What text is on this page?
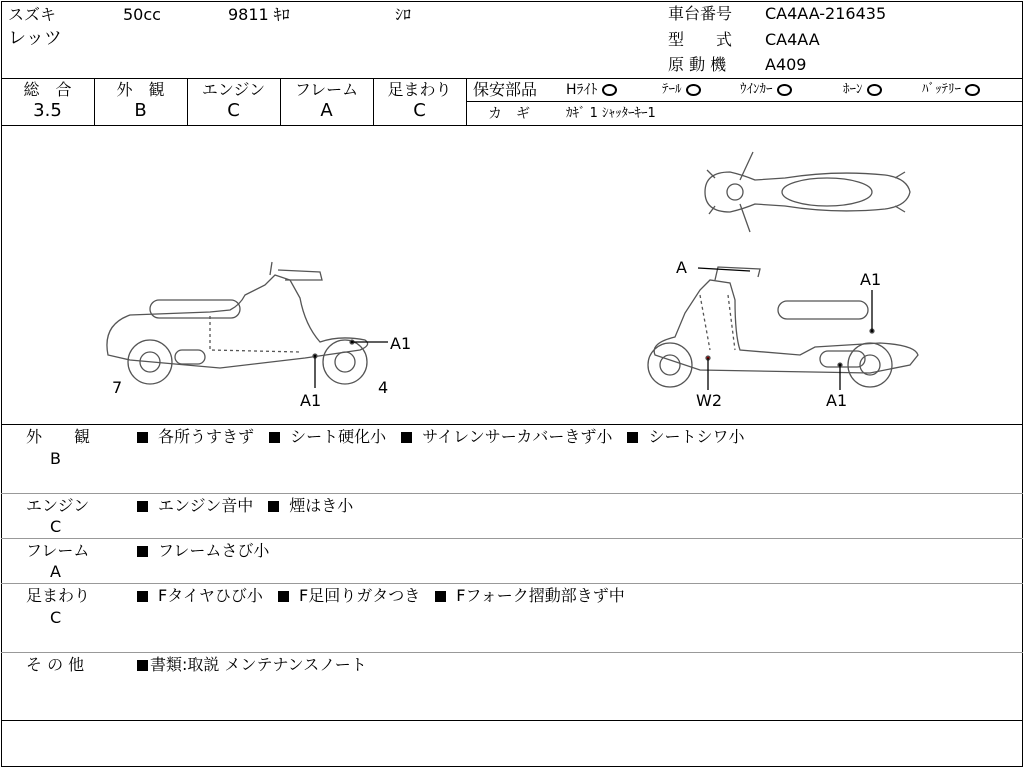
スズキ	50cc	9811 ｷﾛ	ｼﾛ
レッツ
車台番号 CA4AA-216435
型　　式 CA4AA
原 動 機 A409
総　合
3.5
外　観
B
エンジン
C
フレーム
A
足まわり
C
保安部品 Hﾗｲﾄ	ﾃｰﾙ	ｳｲﾝｶｰ	ﾎｰﾝ	ﾊﾞｯﾃﾘｰ
カ　ギ	ｶｷﾞ 1 ｼｬｯﾀｰｷｰ1
A1
7	4
A1
A
A1
W2	A1
外　　観
B
各所うすきず シート硬化小 サイレンサーカバーきず小 シートシワ小
エンジン
C
エンジン音中 煙はき小
フレーム
A
フレームさび小
足まわり
C
Fタイヤひび小 F足回りガタつき Fフォーク摺動部きず中
そ の 他	書類:取説 メンテナンスノート
